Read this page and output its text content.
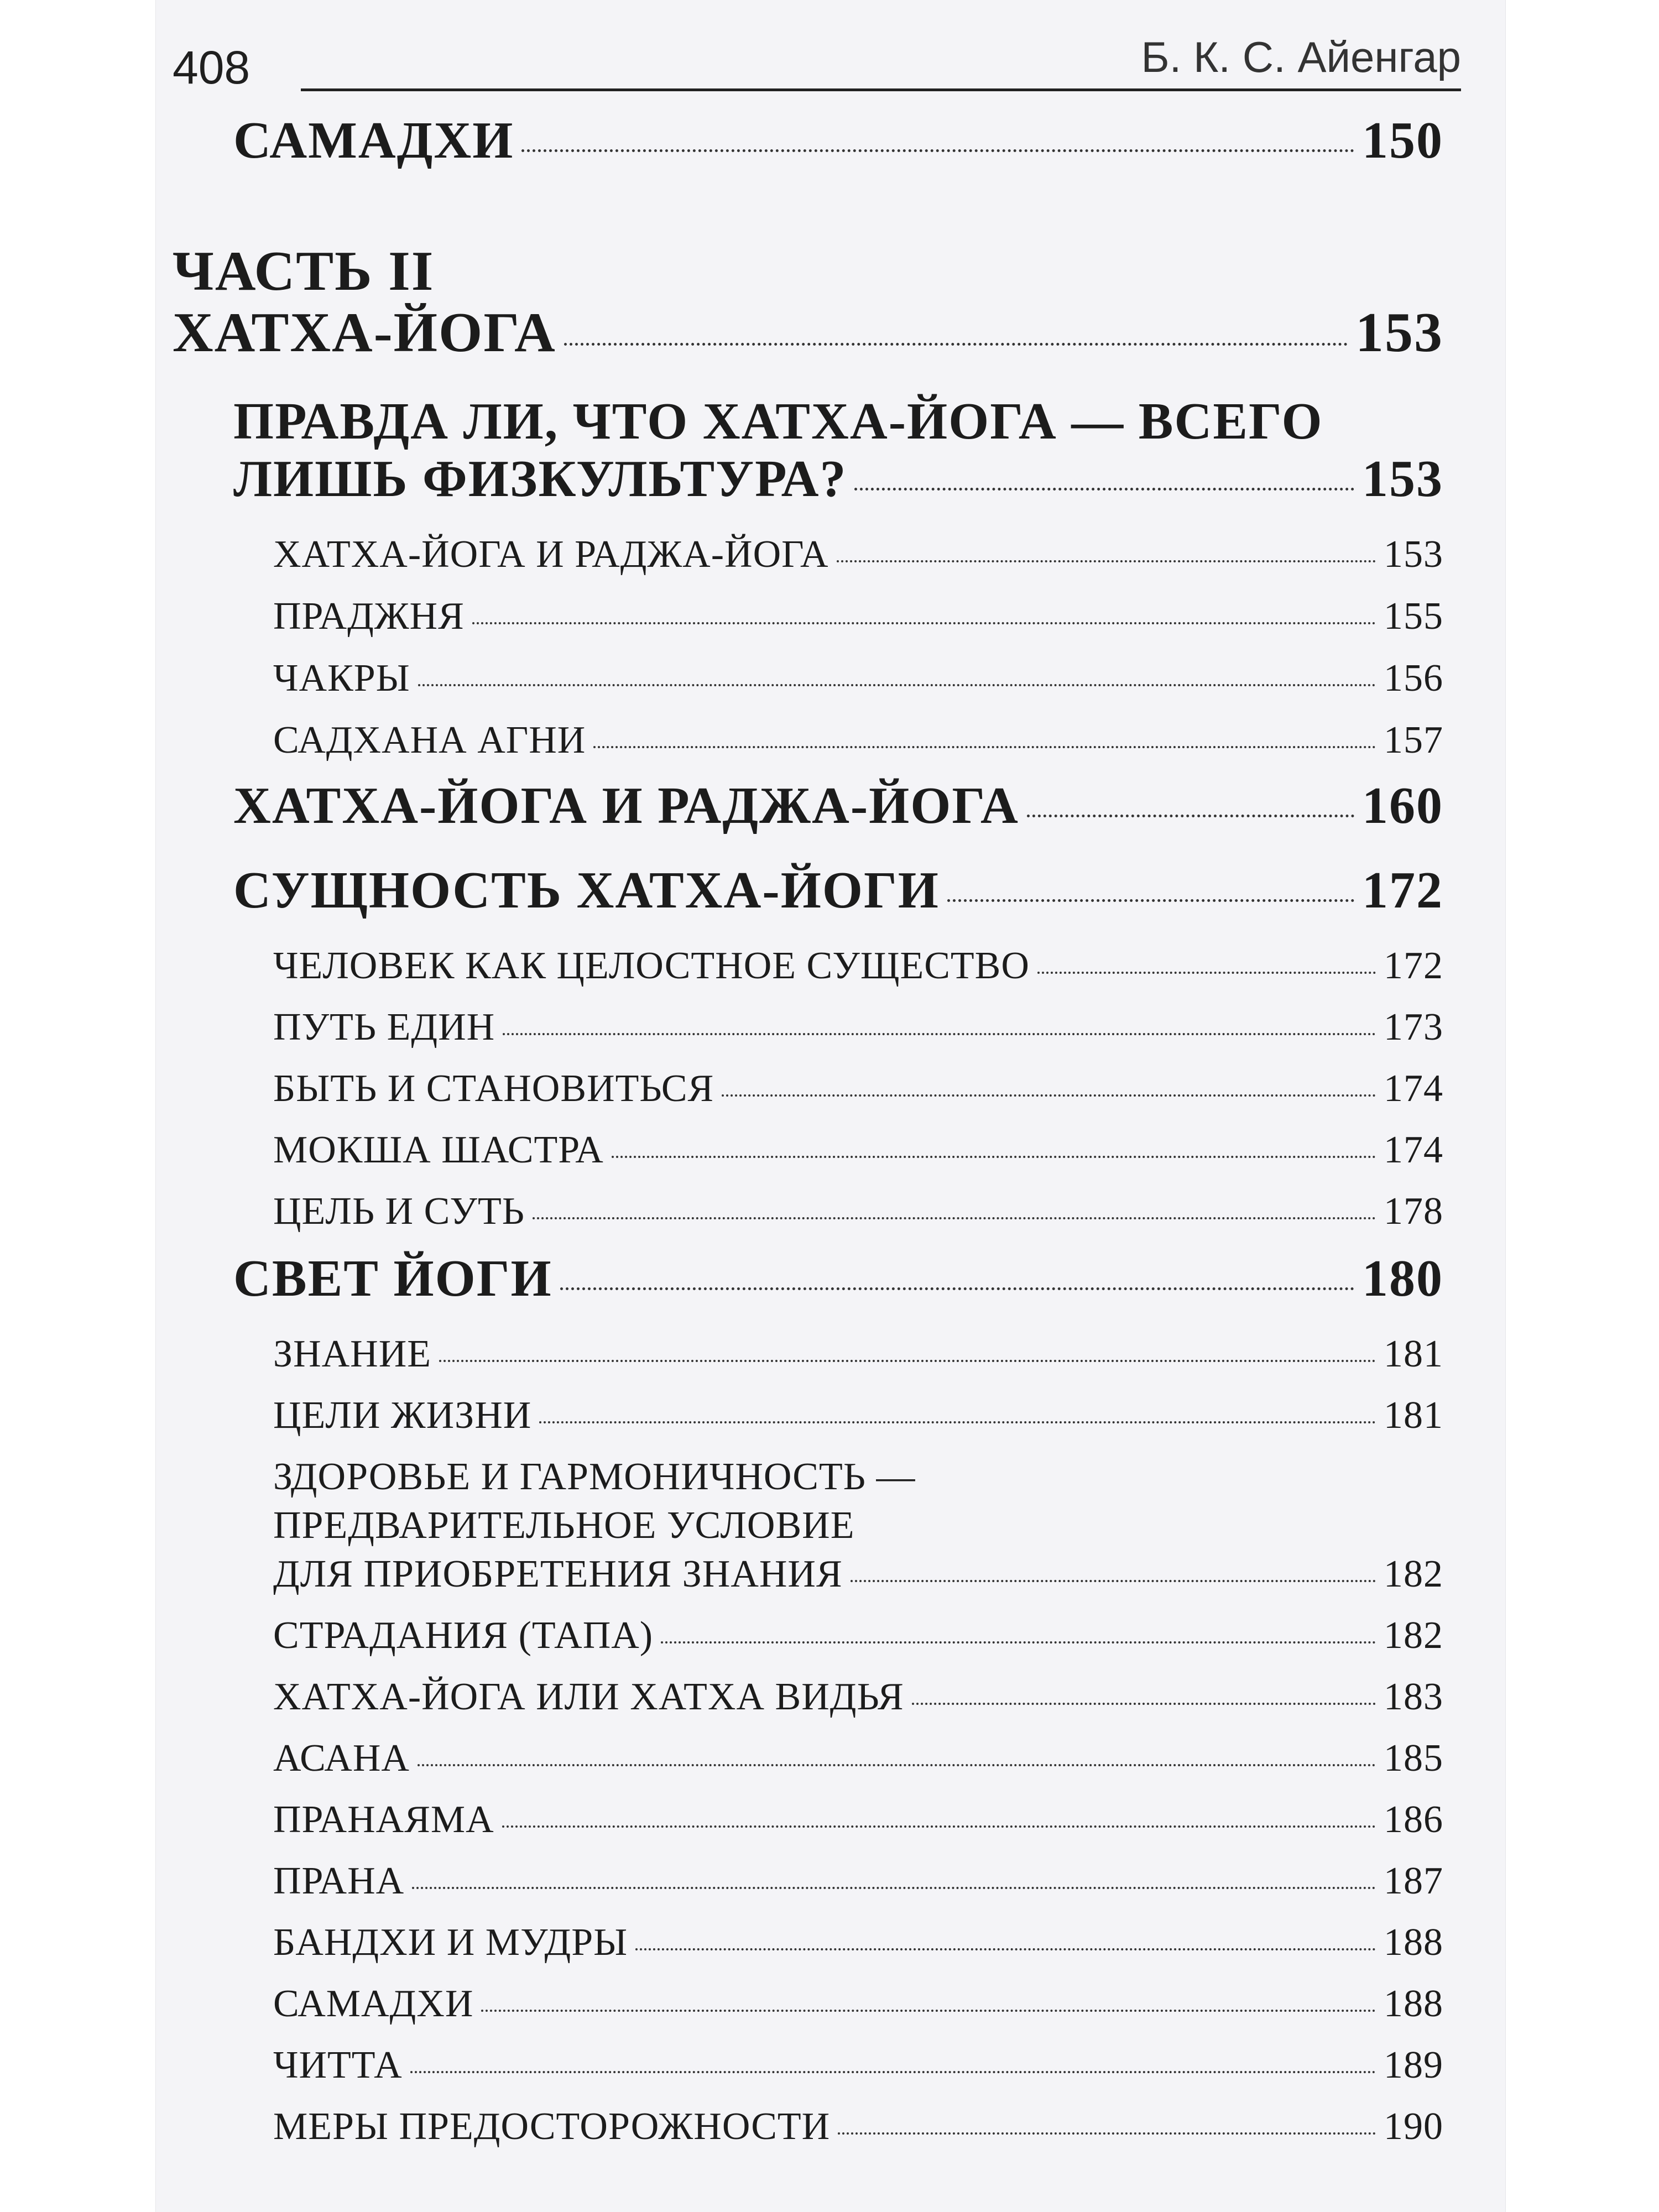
408	Б. К. С. Айенгар
САМАДХИ	150
ЧАСТЬ II
ХАТХА-ЙОГА	153
ПРАВДА ЛИ, ЧТО ХАТХА-ЙОГА — ВСЕГО
ЛИШЬ ФИЗКУЛЬТУРА?	153
ХАТХА-ЙОГА И РАДЖА-ЙОГА	153
ПРАДЖНЯ	155
ЧАКРЫ	156
САДХАНА АГНИ	157
ХАТХА-ЙОГА И РАДЖА-ЙОГА	160
СУЩНОСТЬ ХАТХА-ЙОГИ	172
ЧЕЛОВЕК КАК ЦЕЛОСТНОЕ СУЩЕСТВО	172
ПУТЬ ЕДИН	173
БЫТЬ И СТАНОВИТЬСЯ	174
МОКША ШАСТРА	174
ЦЕЛЬ И СУТЬ	178
СВЕТ ЙОГИ	180
ЗНАНИЕ	181
ЦЕЛИ ЖИЗНИ	181
ЗДОРОВЬЕ И ГАРМОНИЧНОСТЬ —
ПРЕДВАРИТЕЛЬНОЕ УСЛОВИЕ
ДЛЯ ПРИОБРЕТЕНИЯ ЗНАНИЯ	182
СТРАДАНИЯ (ТАПА)	182
ХАТХА-ЙОГА ИЛИ ХАТХА ВИДЬЯ	183
АСАНА	185
ПРАНАЯМА	186
ПРАНА	187
БАНДХИ И МУДРЫ	188
САМАДХИ	188
ЧИТТА	189
МЕРЫ ПРЕДОСТОРОЖНОСТИ	190
